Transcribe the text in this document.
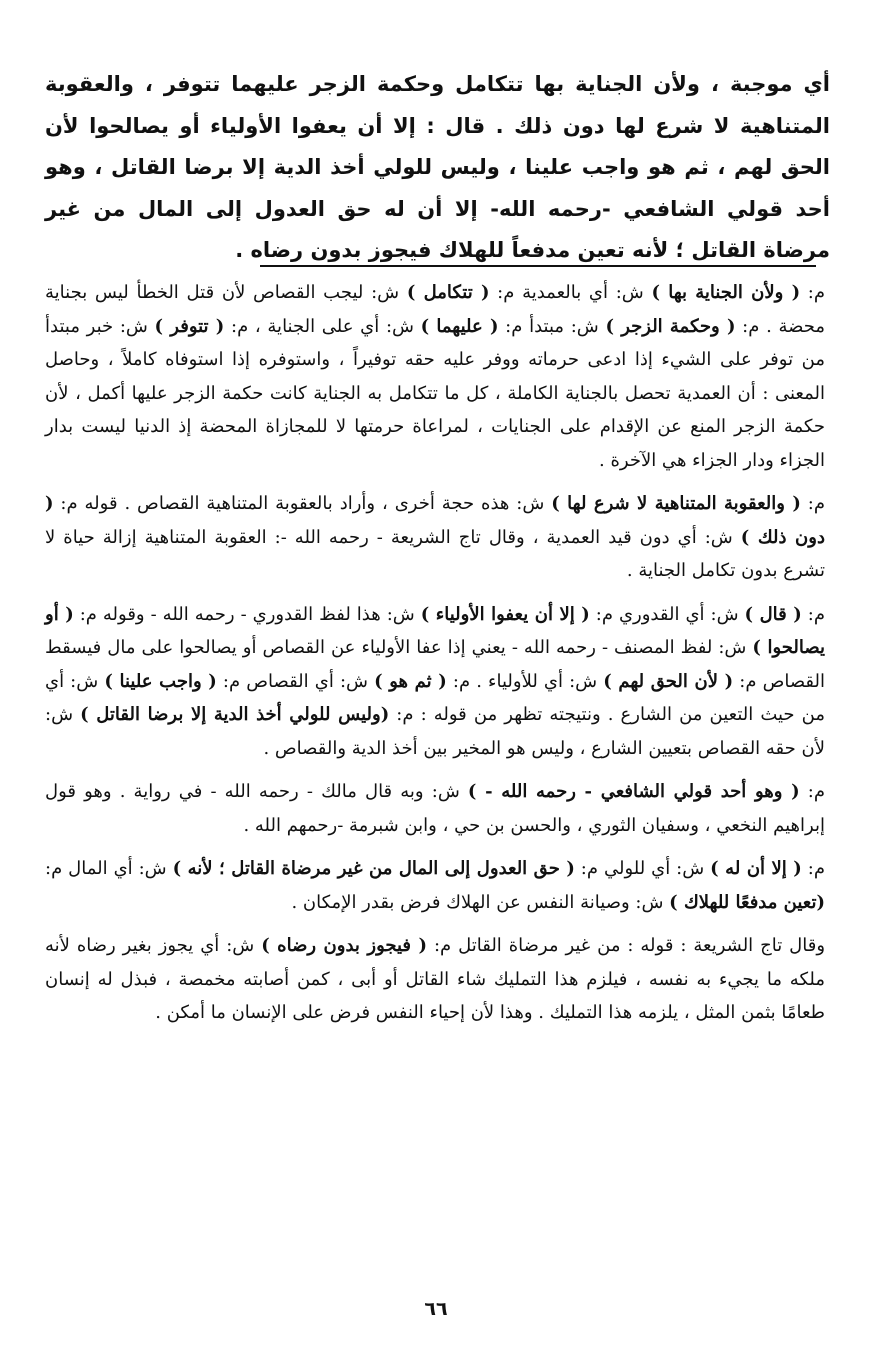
أي موجبة ، ولأن الجناية بها تتكامل وحكمة الزجر عليهما تتوفر ، والعقوبة المتناهية لا شرع لها دون ذلك . قال : إلا أن يعفوا الأولياء أو يصالحوا لأن الحق لهم ، ثم هو واجب علينا ، وليس للولي أخذ الدية إلا برضا القاتل ، وهو أحد قولي الشافعي -رحمه الله- إلا أن له حق العدول إلى المال من غير مرضاة القاتل ؛ لأنه تعين مدفعاً للهلاك فيجوز بدون رضاه .

م: ( ولأن الجناية بها ) ش: أي بالعمدية م: ( تتكامل ) ش: ليجب القصاص لأن قتل الخطأ ليس بجناية محضة . م: ( وحكمة الزجر ) ش: مبتدأ م: ( عليهما ) ش: أي على الجناية ، م: ( تتوفر ) ش: خبر مبتدأ من توفر على الشيء إذا ادعى حرماته ووفر عليه حقه توفيراً ، واستوفره إذا استوفاه كاملاً ، وحاصل المعنى : أن العمدية تحصل بالجناية الكاملة ، كل ما تتكامل به الجناية كانت حكمة الزجر عليها أكمل ، لأن حكمة الزجر المنع عن الإقدام على الجنايات ، لمراعاة حرمتها لا للمجازاة المحضة إذ الدنيا ليست بدار الجزاء ودار الجزاء هي الآخرة .

م: ( والعقوبة المتناهية لا شرع لها ) ش: هذه حجة أخرى ، وأراد بالعقوبة المتناهية القصاص . قوله م: ( دون ذلك ) ش: أي دون قيد العمدية ، وقال تاج الشريعة - رحمه الله -: العقوبة المتناهية إزالة حياة لا تشرع بدون تكامل الجناية .

م: ( قال ) ش: أي القدوري م: ( إلا أن يعفوا الأولياء ) ش: هذا لفظ القدوري - رحمه الله - وقوله م: ( أو يصالحوا ) ش: لفظ المصنف - رحمه الله - يعني إذا عفا الأولياء عن القصاص أو يصالحوا على مال فيسقط القصاص م: ( لأن الحق لهم ) ش: أي للأولياء . م: ( ثم هو ) ش: أي القصاص م: ( واجب علينا ) ش: أي من حيث التعين من الشارع . ونتيجته تظهر من قوله : م: (وليس للولي أخذ الدية إلا برضا القاتل ) ش: لأن حقه القصاص بتعيين الشارع ، وليس هو المخير بين أخذ الدية والقصاص .

م: ( وهو أحد قولي الشافعي - رحمه الله - ) ش: وبه قال مالك - رحمه الله - في رواية . وهو قول إبراهيم النخعي ، وسفيان الثوري ، والحسن بن حي ، وابن شبرمة -رحمهم الله .

م: ( إلا أن له ) ش: أي للولي م: ( حق العدول إلى المال من غير مرضاة القاتل ؛ لأنه ) ش: أي المال م: (تعين مدفعًا للهلاك ) ش: وصيانة النفس عن الهلاك فرض بقدر الإمكان .

وقال تاج الشريعة : قوله : من غير مرضاة القاتل م: ( فيجوز بدون رضاه ) ش: أي يجوز بغير رضاه لأنه ملكه ما يجيء به نفسه ، فيلزم هذا التمليك شاء القاتل أو أبى ، كمن أصابته مخمصة ، فبذل له إنسان طعامًا بثمن المثل ، يلزمه هذا التمليك . وهذا لأن إحياء النفس فرض على الإنسان ما أمكن .

٦٦
